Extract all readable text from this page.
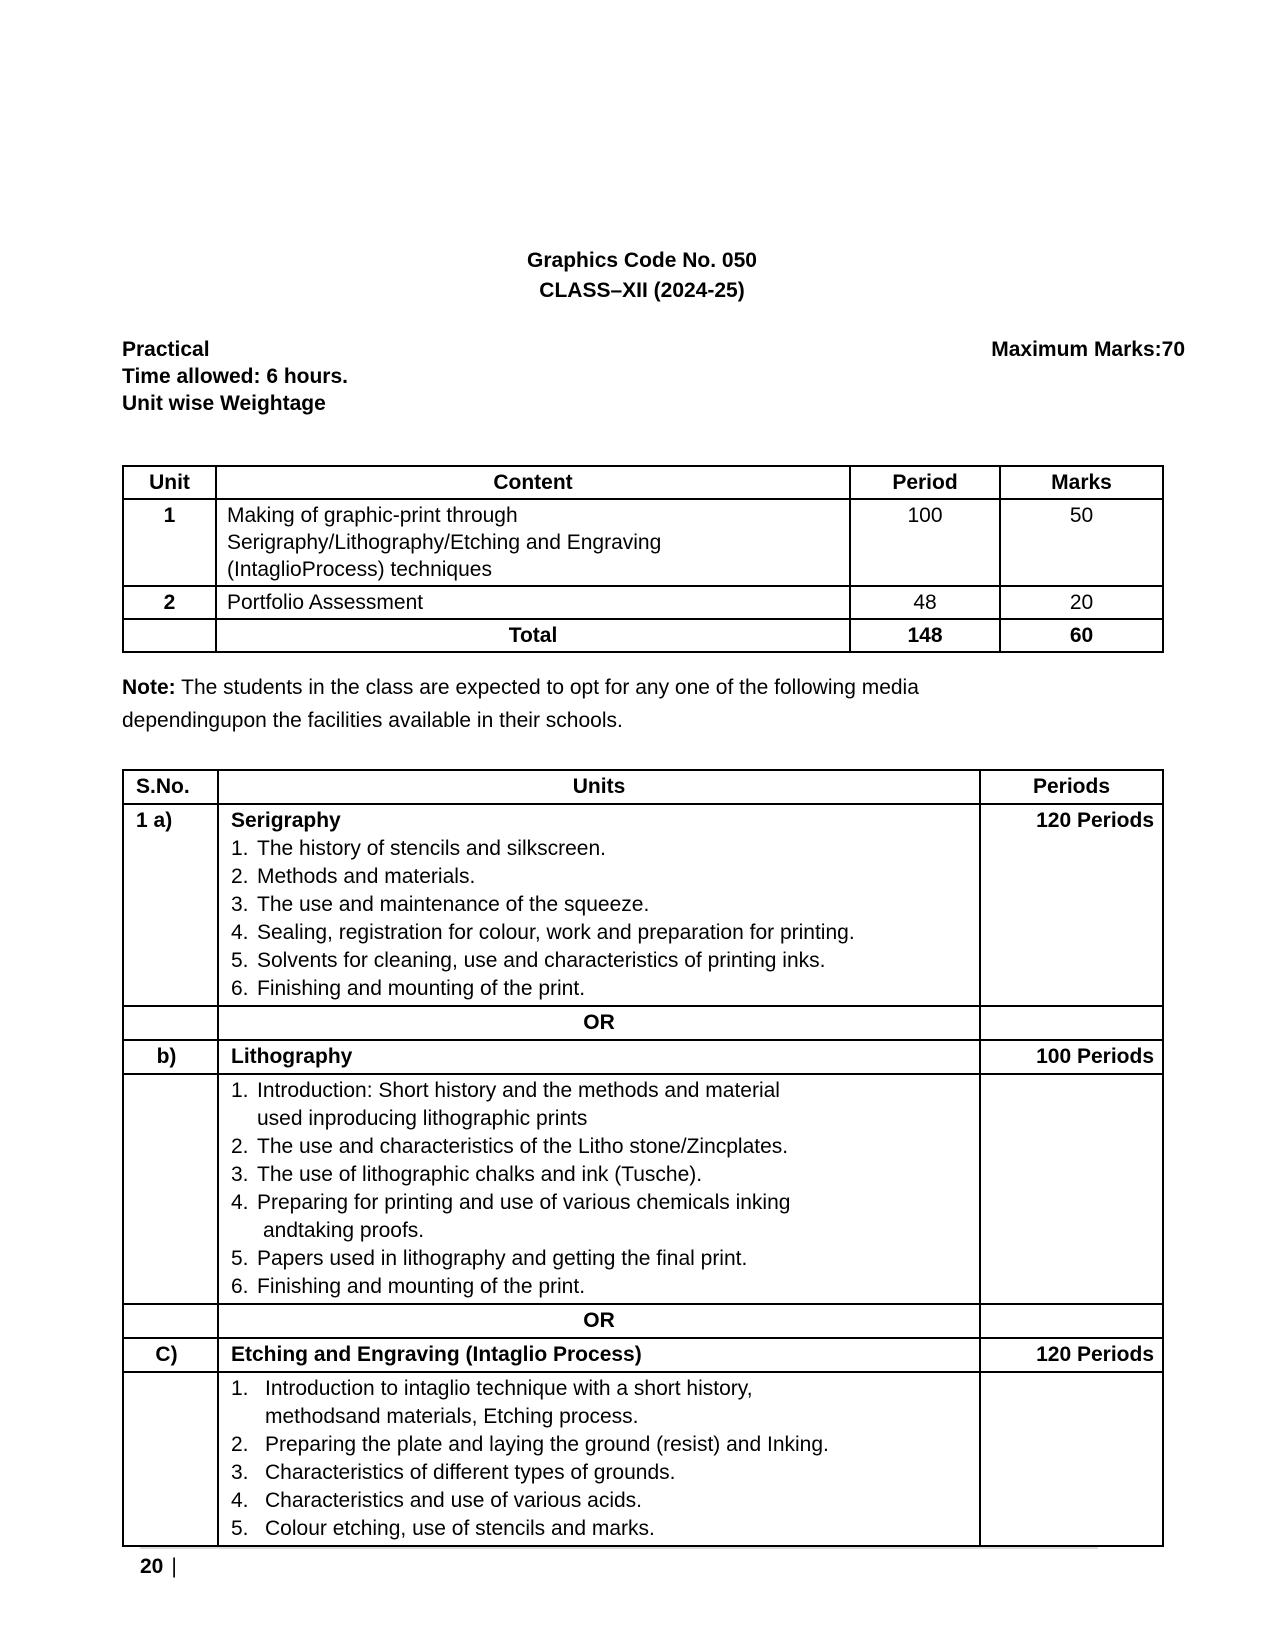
Graphics Code No. 050
CLASS–XII (2024-25)
Practical	Maximum Marks:70
Time allowed: 6 hours.
Unit wise Weightage
Unit	Content	Period	Marks
1	Making of graphic-print through
Serigraphy/Lithography/Etching and Engraving
(IntaglioProcess) techniques	100	50
2	Portfolio Assessment	48	20
	Total	148	60
Note: The students in the class are expected to opt for any one of the following media
dependingupon the facilities available in their schools.
S.No.	Units	Periods
1 a)	Serigraphy
1. The history of stencils and silkscreen.
2. Methods and materials.
3. The use and maintenance of the squeeze.
4. Sealing, registration for colour, work and preparation for printing.
5. Solvents for cleaning, use and characteristics of printing inks.
6. Finishing and mounting of the print.
	120 Periods
	OR	
b)	Lithography	100 Periods

1. Introduction: Short history and the methods and material
used inproducing lithographic prints
2. The use and characteristics of the Litho stone/Zincplates.
3. The use of lithographic chalks and ink (Tusche).
4. Preparing for printing and use of various chemicals inking
andtaking proofs.
5. Papers used in lithography and getting the final print.
6. Finishing and mounting of the print.

	OR	
C)	Etching and Engraving (Intaglio Process)	120 Periods

1. Introduction to intaglio technique with a short history,
methodsand materials, Etching process.
2. Preparing the plate and laying the ground (resist) and Inking.
3. Characteristics of different types of grounds.
4. Characteristics and use of various acids.
5. Colour etching, use of stencils and marks.

20 |
